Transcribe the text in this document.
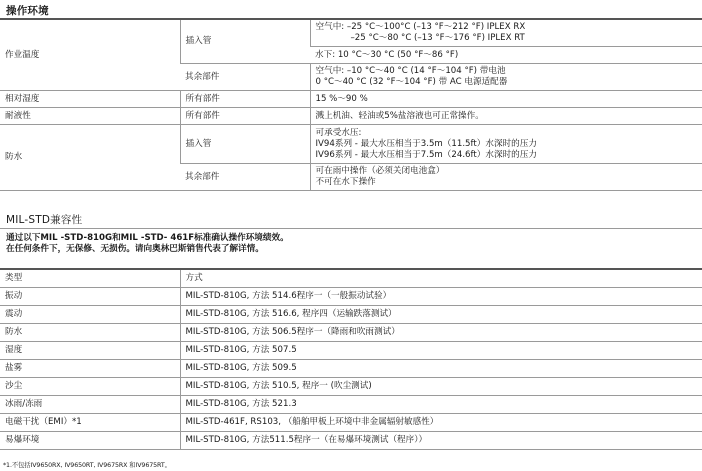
操作环境
作业温度	插入管	空气中: –25 °C～100°C (–13 °F～212 °F) IPLEX RX
–25 °C～80 °C (–13 °F～176 °F) IPLEX RT

		水下: 10 °C～30 °C (50 °F～86 °F)
	其余部件	空气中: –10 °C～40 °C (14 °F～104 °F) 带电池
0 °C～40 °C (32 °F～104 °F) 带 AC 电源适配器

相对湿度	所有部件	15 %～90 %
耐液性	所有部件	溅上机油、轻油或5%盐溶液也可正常操作。
防水	插入管	可承受水压:
IV94系列 - 最大水压相当于3.5m（11.5ft）水深时的压力
IV96系列 - 最大水压相当于7.5m（24.6ft）水深时的压力

	其余部件	可在雨中操作（必须关闭电池盒）
不可在水下操作
MIL-STD兼容性
通过以下MIL -STD-810G和MIL -STD- 461F标准确认操作环境绩效。
在任何条件下，无保修、无损伤。请向奥林巴斯销售代表了解详情。
类型	方式
振动	MIL-STD-810G, 方法 514.6程序一（一般振动试验）
震动	MIL-STD-810G, 方法 516.6, 程序四（运输跌落测试）
防水	MIL-STD-810G, 方法 506.5程序一（降雨和吹雨测试）
湿度	MIL-STD-810G, 方法 507.5
盐雾	MIL-STD-810G, 方法 509.5
沙尘	MIL-STD-810G, 方法 510.5, 程序一 (吹尘测试)
冰雨/冻雨	MIL-STD-810G, 方法 521.3
电磁干扰（EMI）*1	MIL-STD-461F, RS103, （船舶甲板上环境中非金属辐射敏感性）
易爆环境	MIL-STD-810G, 方法511.5程序一（在易爆环境测试（程序））
*1.不包括IV9650RX, IV9650RT, IV9675RX 和IV9675RT。
